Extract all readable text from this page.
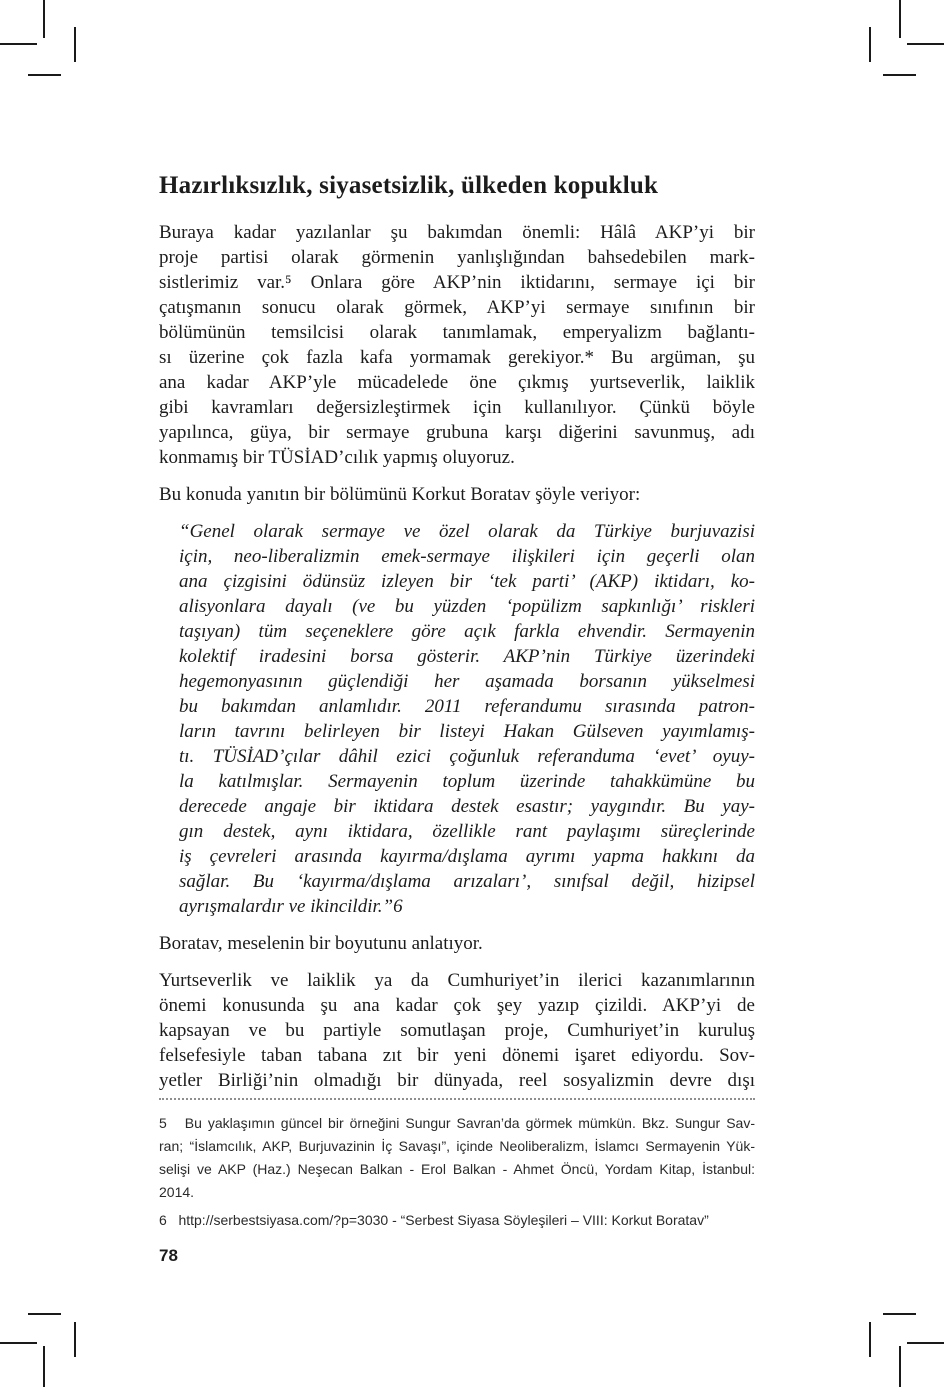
Hazırlıksızlık, siyasetsizlik, ülkeden kopukluk
Buraya kadar yazılanlar şu bakımdan önemli: Hâlâ AKP’yi bir
proje partisi olarak görmenin yanlışlığından bahsedebilen mark-
sistlerimiz var.⁵ Onlara göre AKP’nin iktidarını, sermaye içi bir
çatışmanın sonucu olarak görmek, AKP’yi sermaye sınıfının bir
bölümünün temsilcisi olarak tanımlamak, emperyalizm bağlantı-
sı üzerine çok fazla kafa yormamak gerekiyor.* Bu argüman, şu
ana kadar AKP’yle mücadelede öne çıkmış yurtseverlik, laiklik
gibi kavramları değersizleştirmek için kullanılıyor. Çünkü böyle
yapılınca, güya, bir sermaye grubuna karşı diğerini savunmuş, adı
konmamış bir TÜSİAD’cılık yapmış oluyoruz.
Bu konuda yanıtın bir bölümünü Korkut Boratav şöyle veriyor:
“Genel olarak sermaye ve özel olarak da Türkiye burjuvazisi
için, neo-liberalizmin emek-sermaye ilişkileri için geçerli olan
ana çizgisini ödünsüz izleyen bir ‘tek parti’ (AKP) iktidarı, ko-
alisyonlara dayalı (ve bu yüzden ‘popülizm sapkınlığı’ riskleri
taşıyan) tüm seçeneklere göre açık farkla ehvendir. Sermayenin
kolektif iradesini borsa gösterir. AKP’nin Türkiye üzerindeki
hegemonyasının güçlendiği her aşamada borsanın yükselmesi
bu bakımdan anlamlıdır. 2011 referandumu sırasında patron-
ların tavrını belirleyen bir listeyi Hakan Gülseven yayımlamış-
tı. TÜSİAD’çılar dâhil ezici çoğunluk referanduma ‘evet’ oyuy-
la katılmışlar. Sermayenin toplum üzerinde tahakkümüne bu
derecede angaje bir iktidara destek esastır; yaygındır. Bu yay-
gın destek, aynı iktidara, özellikle rant paylaşımı süreçlerinde
iş çevreleri arasında kayırma/dışlama ayrımı yapma hakkını da
sağlar. Bu ‘kayırma/dışlama arızaları’, sınıfsal değil, hizipsel
ayrışmalardır ve ikincildir.”6
Boratav, meselenin bir boyutunu anlatıyor.
Yurtseverlik ve laiklik ya da Cumhuriyet’in ilerici kazanımlarının
önemi konusunda şu ana kadar çok şey yazıp çizildi. AKP’yi de
kapsayan ve bu partiyle somutlaşan proje, Cumhuriyet’in kuruluş
felsefesiyle taban tabana zıt bir yeni dönemi işaret ediyordu. Sov-
yetler Birliği’nin olmadığı bir dünyada, reel sosyalizmin devre dışı
5   Bu yaklaşımın güncel bir örneğini Sungur Savran’da görmek mümkün. Bkz. Sungur Sav-
ran; “İslamcılık, AKP, Burjuvazinin İç Savaşı”, içinde Neoliberalizm, İslamcı Sermayenin Yük-
selişi ve AKP (Haz.) Neşecan Balkan - Erol Balkan - Ahmet Öncü, Yordam Kitap, İstanbul:
2014.
6   http://serbestsiyasa.com/?p=3030 - “Serbest Siyasa Söyleşileri – VIII: Korkut Boratav”
78
